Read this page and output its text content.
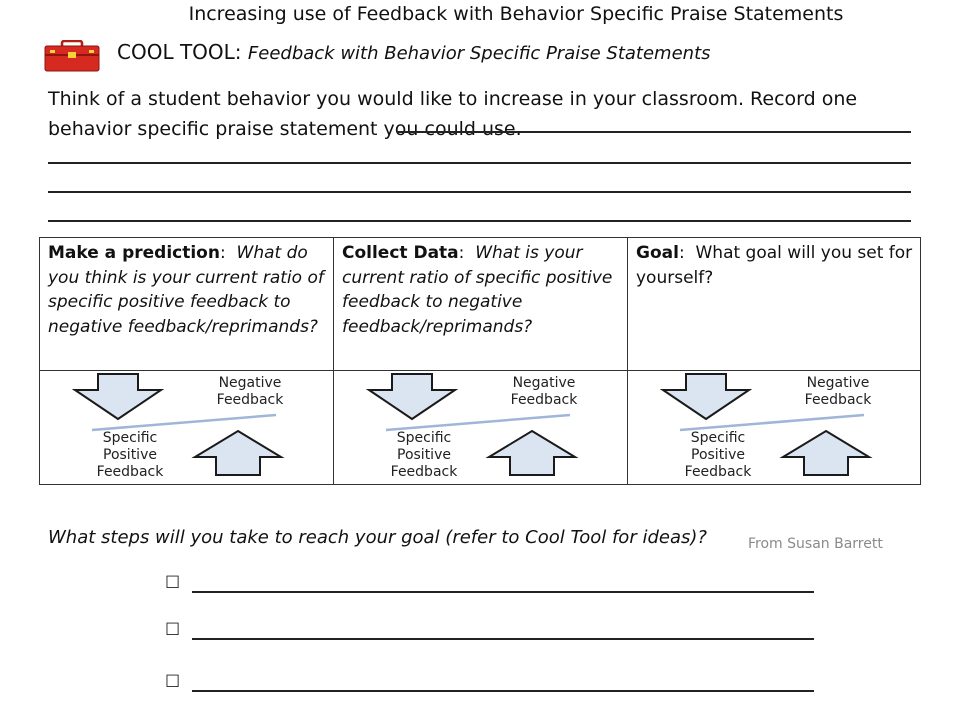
Increasing use of Feedback with Behavior Specific Praise Statements
COOL TOOL: Feedback with Behavior Specific Praise Statements
Think of a student behavior you would like to increase in your classroom. Record one behavior specific praise statement you could use.
Make a prediction: What do you think is your current ratio of specific positive feedback to negative feedback/reprimands?
Collect Data: What is your current ratio of specific positive feedback to negative feedback/reprimands?
Goal: What goal will you set for yourself?
Negative
Feedback
Specific
Positive
Feedback
Negative
Feedback
Specific
Positive
Feedback
Negative
Feedback
Specific
Positive
Feedback
What steps will you take to reach your goal (refer to Cool Tool for ideas)?	From Susan Barrett
☐
☐
☐
